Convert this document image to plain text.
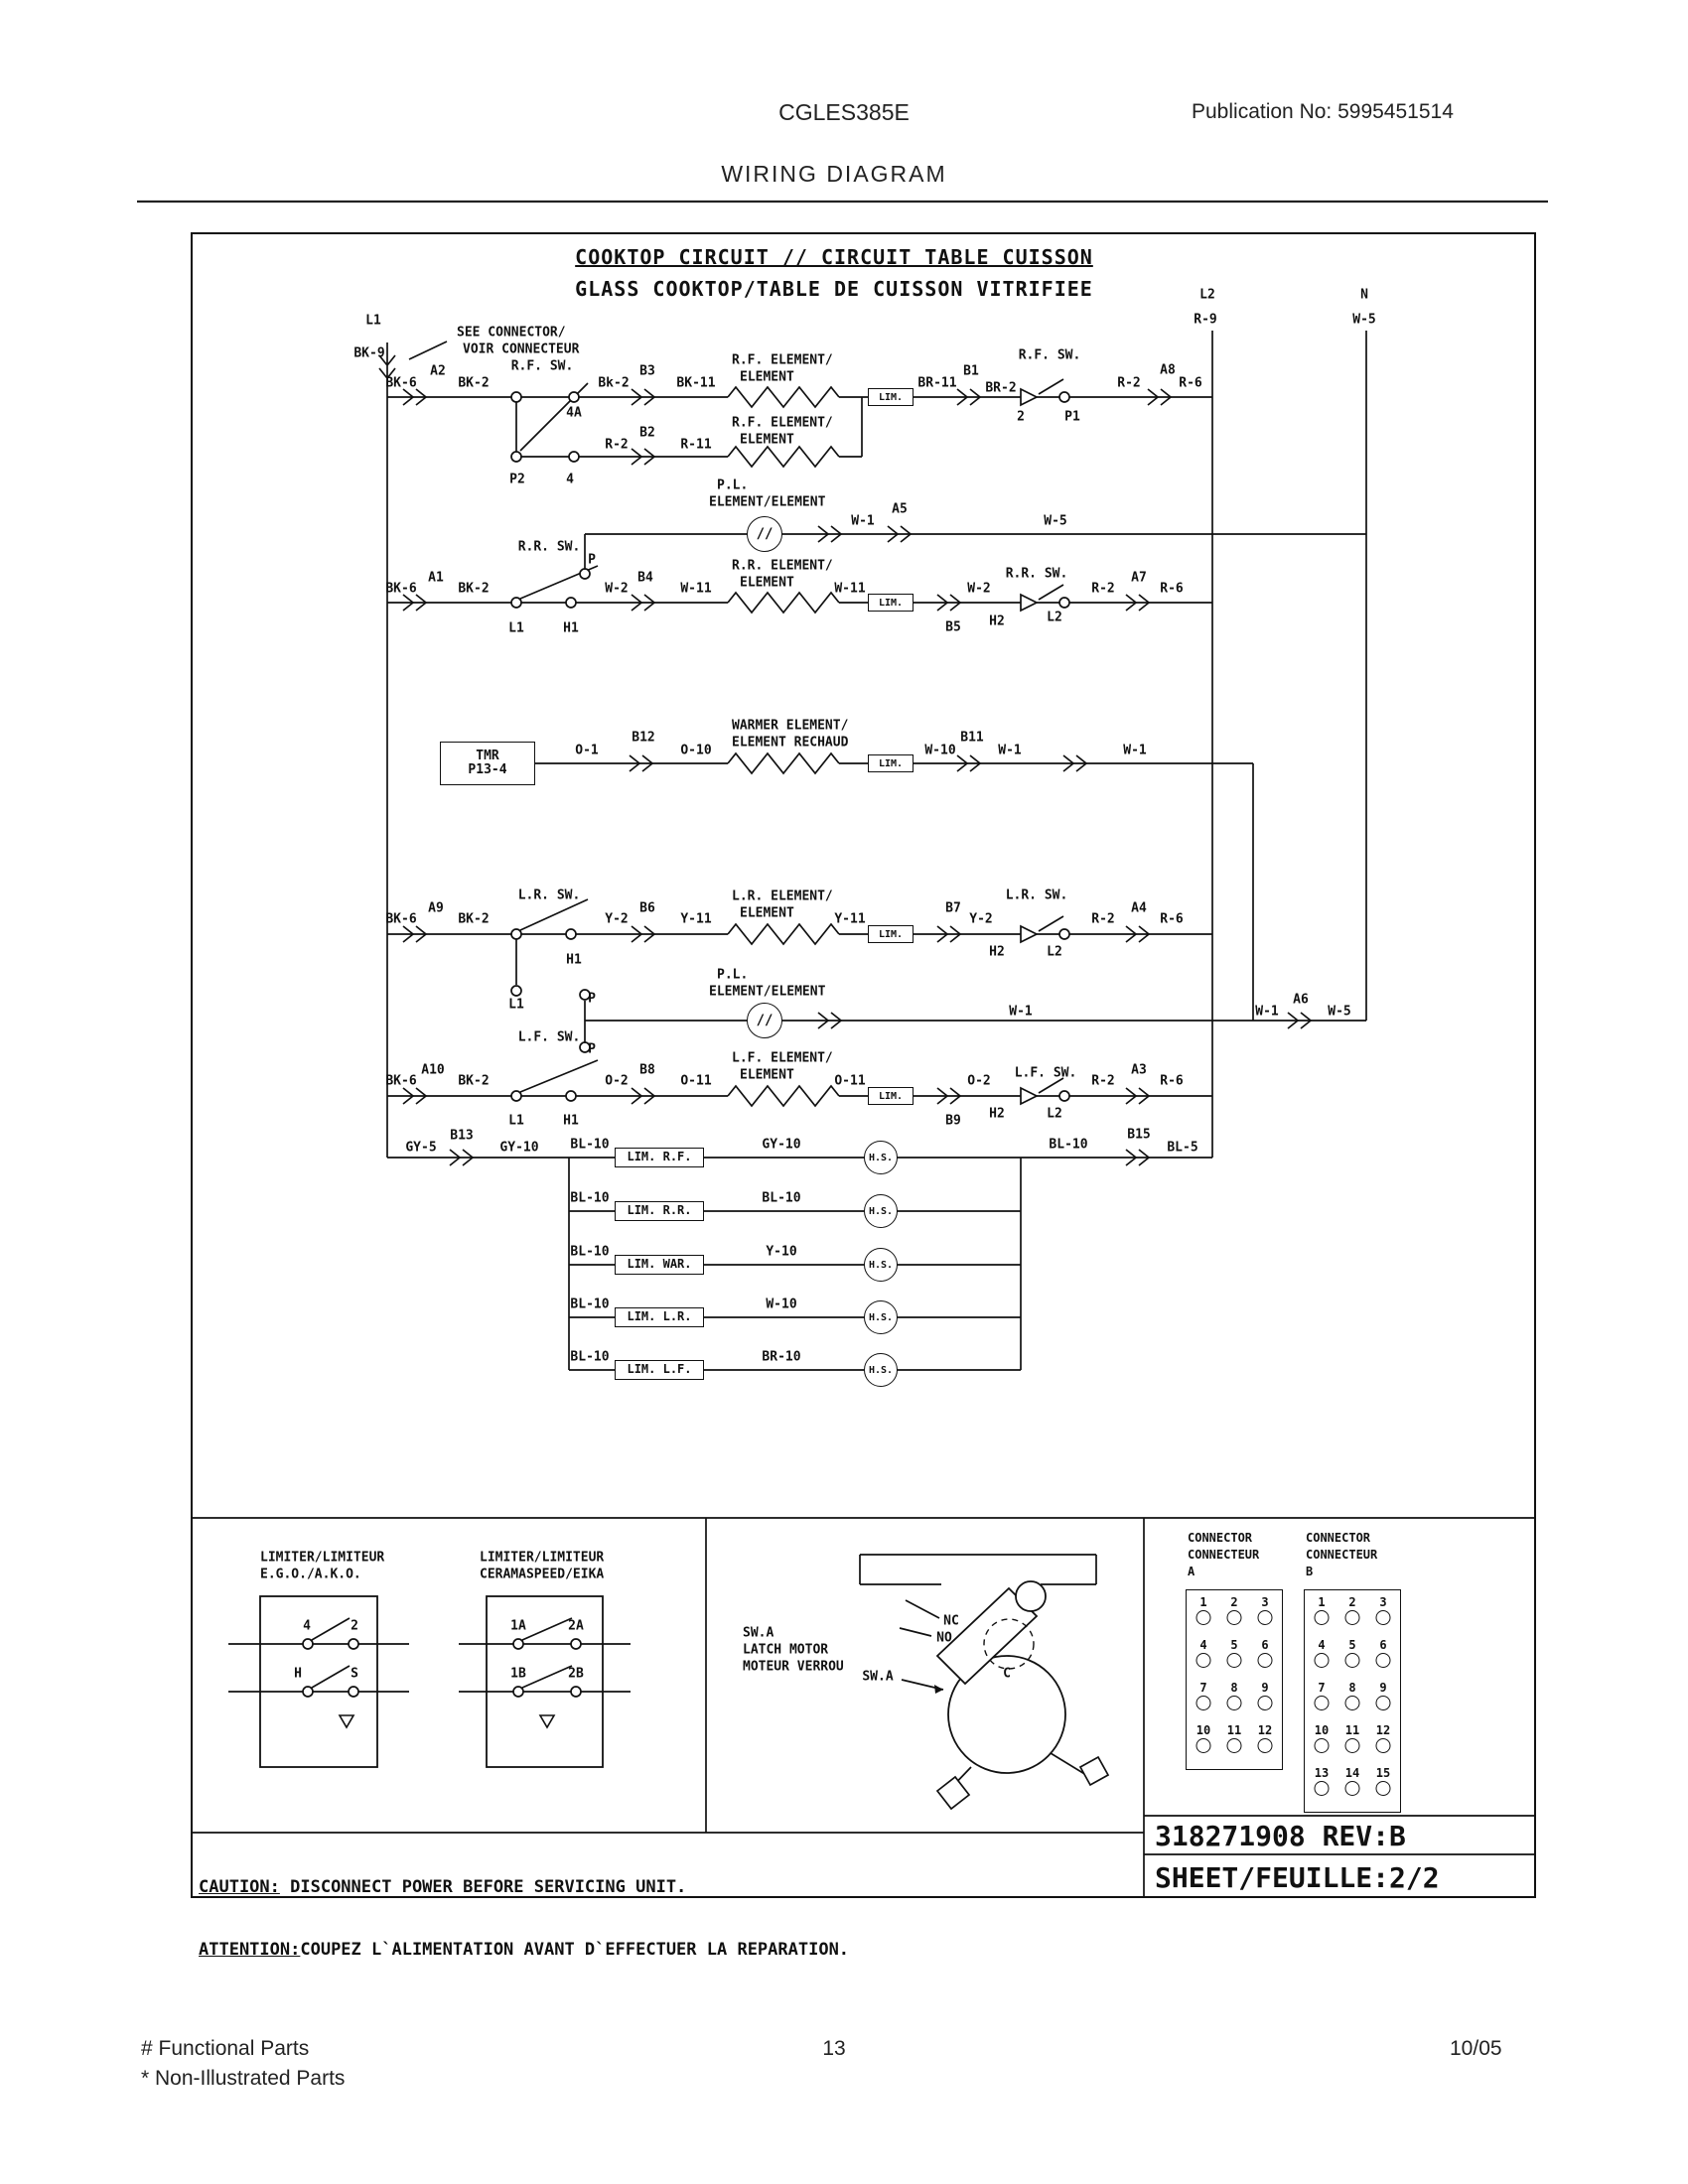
CGLES385E	Publication No: 5995451514
WIRING DIAGRAM
COOKTOP CIRCUIT // CIRCUIT TABLE CUISSON
GLASS COOKTOP/TABLE DE CUISSON VITRIFIEE

CAUTION: DISCONNECT POWER BEFORE SERVICING UNIT.

ATTENTION:COUPEZ L`ALIMENTATION AVANT D`EFFECTUER LA REPARATION.

318271908 REV:B
SHEET/FEUILLE:2/2
# Functional Parts
* Non-Illustrated Parts
13	10/05
L1
BK-9
SEE CONNECTOR/
VOIR CONNECTEUR
L2
R-9
N
W-5
R.F. SW.
BK-6
A2
BK-2
4A
Bk-2
B3
BK-11
R.F. ELEMENT/
ELEMENT	BR-11
B1
BR-2
R.F. SW.
2	P1
R-2
A8
R-6
P2	4
R-2
B2
R-11
R.F. ELEMENT/
ELEMENT
P.L.
ELEMENT/ELEMENT
W-1
A5
W-5
R.R. SW.
P
BK-6
A1
BK-2
L1	H1
W-2
B4
W-11
R.R. ELEMENT/
ELEMENT	W-11	W-2
B5 H2
R.R. SW.
L2
R-2
A7
R-6
O-1
B12
O-10
WARMER ELEMENT/
ELEMENT RECHAUD
W-10
B11
W-1	W-1
A9
BK-6	BK-2
L.R. SW.
H1
Y-2
B6
Y-11
L.R. ELEMENT/
ELEMENT	Y-11
B7
Y-2
H2
L.R. SW.
L2
R-2
A4
R-6
L1	P
P.L.
ELEMENT/ELEMENT
W-1	W-1
A6
W-5
L.F. SW.
P
A10
BK-6	BK-2
L1	H1
O-2
B8
O-11
L.F. ELEMENT/
ELEMENT	O-11	O-2
B9 H2
L.F. SW.
L2
R-2
A3
R-6
B13
GY-5	GY-10 BL-10	GY-10	BL-10
B15
BL-5
BL-10	BL-10
BL-10	Y-10
BL-10	W-10
BL-10	BR-10
LIMITER/LIMITEUR
E.G.O./A.K.O.
LIMITER/LIMITEUR
CERAMASPEED/EIKA
4	2
H	S
1A	2A
1B	2B
SW.A
LATCH MOTOR
MOTEUR VERROU
NC
NO
SW.A	C
LIM.
LIM.
LIM.
LIM.
LIM.
LIM. R.F.
LIM. R.R.
LIM. WAR.
LIM. L.R.
LIM. L.F.
TMR
P13-4
H.S.
H.S.
H.S.
H.S.
H.S.
//
//
CONNECTOR
CONNECTEUR
A
1 2 3
4 5 6
7 8 9
10 11 12
CONNECTOR
CONNECTEUR
B
1 2 3
4 5 6
7 8 9
10 11 12
13 14 15
